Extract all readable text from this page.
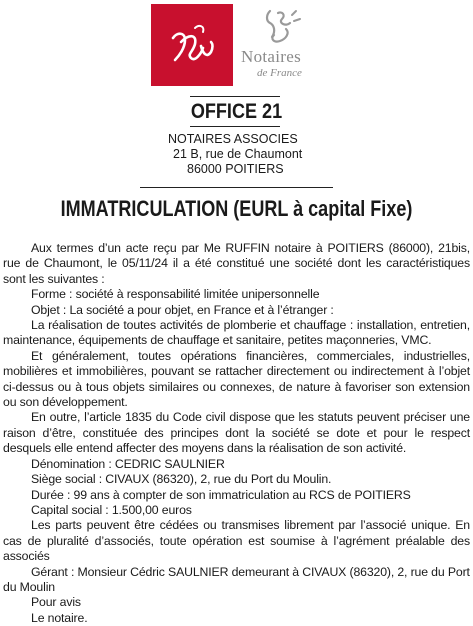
Notaires
de France
OFFICE 21
NOTAIRES ASSOCIES
21 B, rue de Chaumont
86000 POITIERS
IMMATRICULATION (EURL à capital Fixe)

Aux termes d’un acte reçu par Me RUFFIN notaire à POITIERS (86000), 21bis, rue de Chaumont, le 05/11/24 il a été constitué une société dont les caractéristiques sont les suivantes :

Forme : société à responsabilité limitée unipersonnelle

Objet : La société a pour objet, en France et à l’étranger :

La réalisation de toutes activités de plomberie et chauffage : installation, entretien, maintenance, équipements de chauffage et sanitaire, petites maçonneries, VMC.

Et généralement, toutes opérations financières, commerciales, industrielles, mobilières et immobilières, pouvant se rattacher directement ou indirectement à l’objet ci-dessus ou à tous objets similaires ou connexes, de nature à favoriser son extension ou son développement.

En outre, l’article 1835 du Code civil dispose que les statuts peuvent préciser une raison d’être, constituée des principes dont la société se dote et pour le respect desquels elle entend affecter des moyens dans la réalisation de son activité.

Dénomination : CEDRIC SAULNIER

Siège social : CIVAUX (86320), 2, rue du Port du Moulin.

Durée : 99 ans à compter de son immatriculation au RCS de POITIERS

Capital social : 1.500,00 euros

Les parts peuvent être cédées ou transmises librement par l’associé unique. En cas de pluralité d’associés, toute opération est soumise à l’agrément préalable des associés

Gérant : Monsieur Cédric SAULNIER demeurant à CIVAUX (86320), 2, rue du Port du Moulin

Pour avis

Le notaire.
